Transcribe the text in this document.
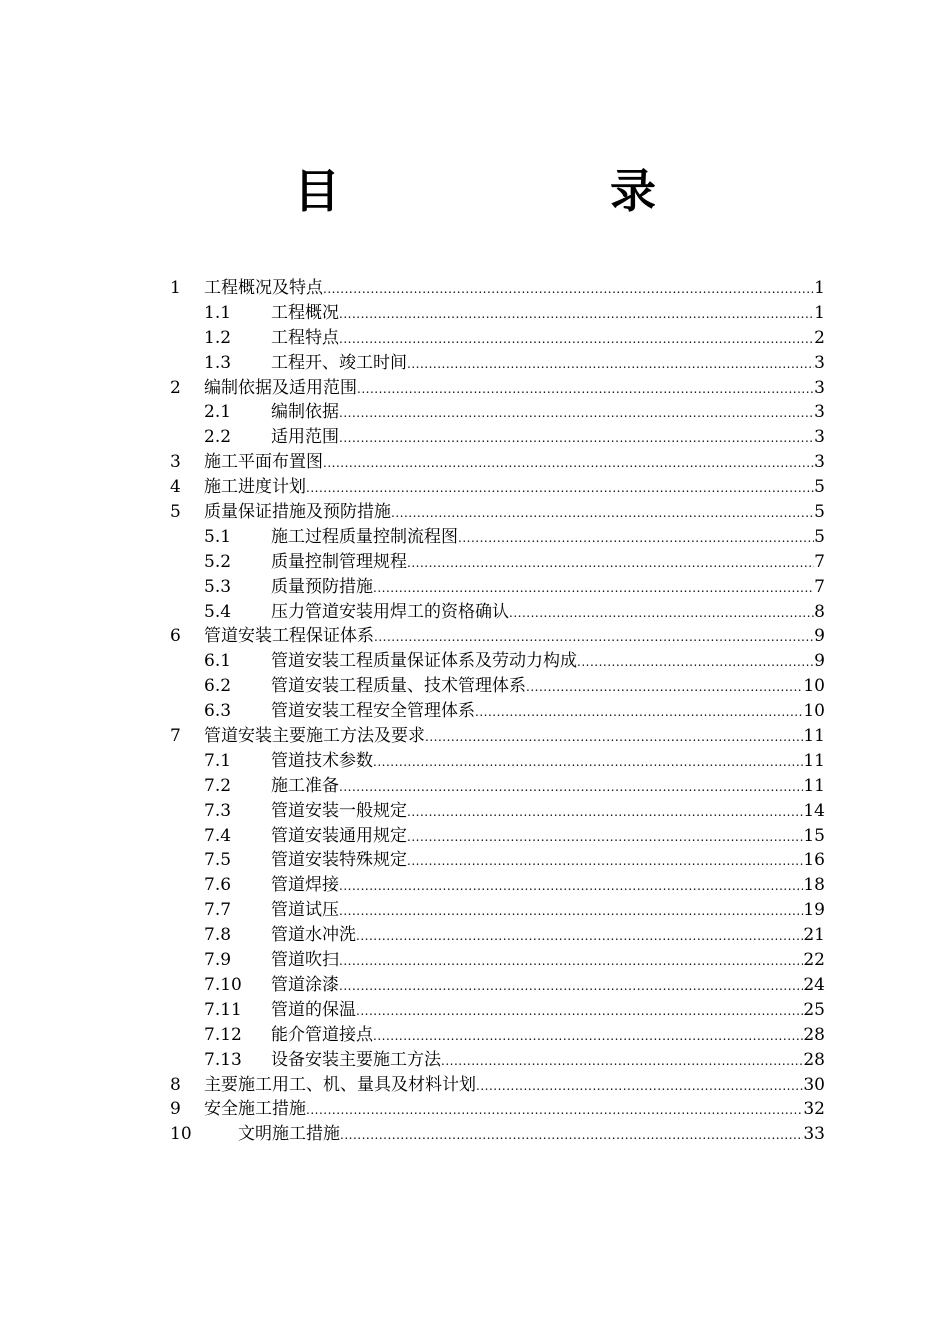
目　录
1 工程概况及特点 .....	1
1.1 工程概况 .....	1
1.2 工程特点 .....	2
1.3 工程开、竣工时间 .....	3
2 编制依据及适用范围 .....	3
2.1 编制依据 .....	3
2.2 适用范围 .....	3
3 施工平面布置图 .....	3
4 施工进度计划 .....	5
5 质量保证措施及预防措施 .....	5
5.1 施工过程质量控制流程图 .....	5
5.2 质量控制管理规程 .....	7
5.3 质量预防措施 .....	7
5.4 压力管道安装用焊工的资格确认 .....	8
6 管道安装工程保证体系 .....	9
6.1 管道安装工程质量保证体系及劳动力构成 .....	9
6.2 管道安装工程质量、技术管理体系 .....	10
6.3 管道安装工程安全管理体系 .....	10
7 管道安装主要施工方法及要求 .....	11
7.1 管道技术参数 .....	11
7.2 施工准备 .....	11
7.3 管道安装一般规定 .....	14
7.4 管道安装通用规定 .....	15
7.5 管道安装特殊规定 .....	16
7.6 管道焊接 .....	18
7.7 管道试压 .....	19
7.8 管道水冲洗 .....	21
7.9 管道吹扫 .....	22
7.10 管道涂漆 .....	24
7.11 管道的保温 .....	25
7.12 能介管道接点 .....	28
7.13 设备安装主要施工方法 .....	28
8 主要施工用工、机、量具及材料计划 .....	30
9 安全施工措施 .....	32
10	文明施工措施 .....	33
